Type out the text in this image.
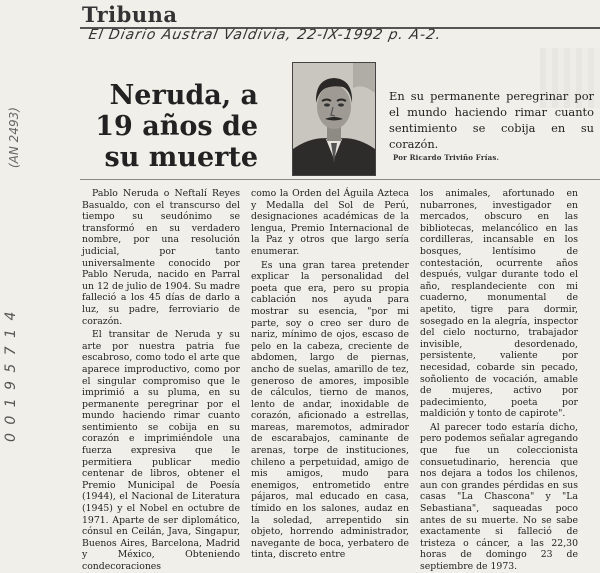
Tribuna
El Diario Austral Valdivia, 22-IX-1992 p. A-2.
(AN 2493)
0 0 1 9 5 7 1 4
Neruda, a
19 años de
su muerte
En su permanente peregrinar por el mundo haciendo rimar cuanto sentimiento se cobija en su corazón.
Por Ricardo Triviño Frías.

Pablo Neruda o Neftalí Reyes Basualdo, con el transcurso del tiempo su seudónimo se transformó en su verdadero nombre, por una resolución judicial, por tanto universalmente conocido por Pablo Neruda, nacido en Parral un 12 de julio de 1904. Su madre falleció a los 45 días de darlo a luz, su padre, ferroviario de corazón.

El transitar de Neruda y su arte por nuestra patria fue escabroso, como todo el arte que aparece improductivo, como por el singular compromiso que le imprimió a su pluma, en su permanente peregrinar por el mundo haciendo rimar cuanto sentimiento se cobija en su corazón e imprimiéndole una fuerza expresiva que le permitiera publicar medio centenar de libros, obtener el Premio Municipal de Poesía (1944), el Nacional de Literatura (1945) y el Nobel en octubre de 1971. Aparte de ser diplomático, cónsul en Ceilán, Java, Singapur, Buenos Aires, Barcelona, Madrid y México, Obteniendo condecoraciones

como la Orden del Águila Azteca y Medalla del Sol de Perú, designaciones académicas de la lengua, Premio Internacional de la Paz y otros que largo sería enumerar.

Es una gran tarea pretender explicar la personalidad del poeta que era, pero su propia cablación nos ayuda para mostrar su esencia, "por mi parte, soy o creo ser duro de nariz, mínimo de ojos, escaso de pelo en la cabeza, creciente de abdomen, largo de piernas, ancho de suelas, amarillo de tez, generoso de amores, imposible de cálculos, tierno de manos, lento de andar, inoxidable de corazón, aficionado a estrellas, mareas, maremotos, admirador de escarabajos, caminante de arenas, torpe de instituciones, chileno a perpetuidad, amigo de mis amigos, mudo para enemigos, entrometido entre pájaros, mal educado en casa, tímido en los salones, audaz en la soledad, arrepentido sin objeto, horrendo administrador, navegante de boca, yerbatero de tinta, discreto entre

los animales, afortunado en nubarrones, investigador en mercados, obscuro en las bibliotecas, melancólico en las cordilleras, incansable en los bosques, lentísimo de contestación, ocurrente años después, vulgar durante todo el año, resplandeciente con mi cuaderno, monumental de apetito, tigre para dormir, sosegado en la alegría, inspector del cielo nocturno, trabajador invisible, desordenado, persistente, valiente por necesidad, cobarde sin pecado, soñoliento de vocación, amable de mujeres, activo por padecimiento, poeta por maldición y tonto de capirote".

Al parecer todo estaría dicho, pero podemos señalar agregando que fue un coleccionista consuetudinario, herencia que nos dejara a todos los chilenos, aun con grandes pérdidas en sus casas "La Chascona" y "La Sebastiana", saqueadas poco antes de su muerte. No se sabe exactamente si falleció de tristeza o cáncer, a las 22,30 horas de domingo 23 de septiembre de 1973.
